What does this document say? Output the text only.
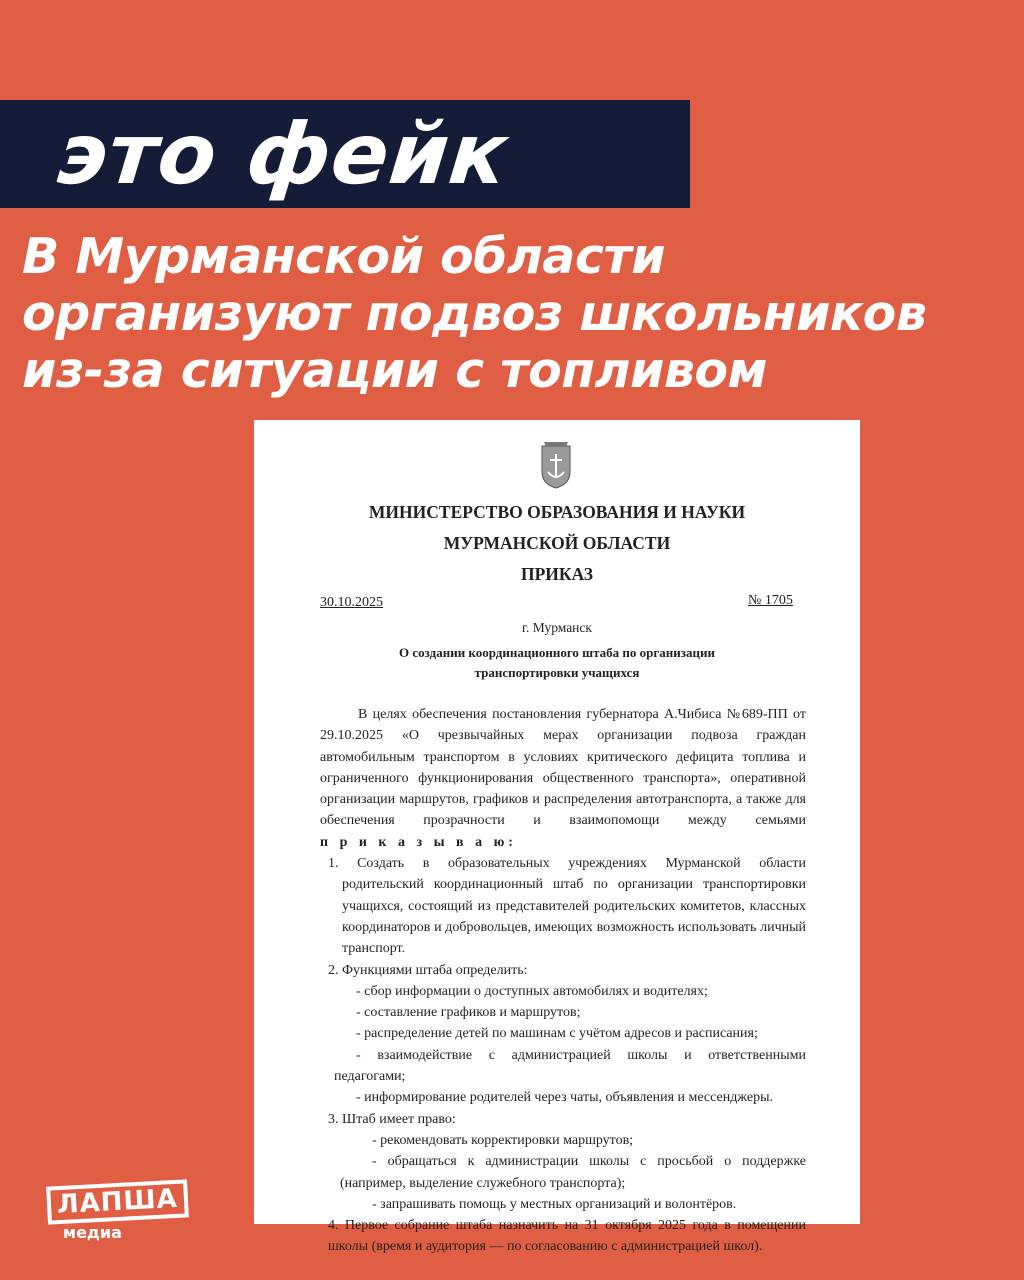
это фейк
В Мурманской области
организуют подвоз школьников
из-за ситуации с топливом
МИНИСТЕРСТВО ОБРАЗОВАНИЯ И НАУКИ
МУРМАНСКОЙ ОБЛАСТИ
ПРИКАЗ
30.10.2025	№ 1705
г. Мурманск
О создании координационного штаба по организации
транспортировки учащихся
В целях обеспечения постановления губернатора А.Чибиса №689-ПП от
29.10.2025 «О чрезвычайных мерах организации подвоза граждан
автомобильным транспортом в условиях критического дефицита топлива и
ограниченного функционирования общественного транспорта», оперативной
организации маршрутов, графиков и распределения автотранспорта, а также для
обеспечения прозрачности и взаимопомощи между семьями
п р и к а з ы в а ю:
1. Создать в образовательных учреждениях Мурманской области
родительский координационный штаб по организации транспортировки
учащихся, состоящий из представителей родительских комитетов, классных
координаторов и добровольцев, имеющих возможность использовать личный
транспорт.
2. Функциями штаба определить:
- сбор информации о доступных автомобилях и водителях;
- составление графиков и маршрутов;
- распределение детей по машинам с учётом адресов и расписания;
- взаимодействие с администрацией школы и ответственными
педагогами;
- информирование родителей через чаты, объявления и мессенджеры.
3. Штаб имеет право:
- рекомендовать корректировки маршрутов;
- обращаться к администрации школы с просьбой о поддержке
(например, выделение служебного транспорта);
- запрашивать помощь у местных организаций и волонтёров.
4. Первое собрание штаба назначить на 31 октября 2025 года в помещении
школы (время и аудитория — по согласованию с администрацией школ).
ЛАПША
медиа
